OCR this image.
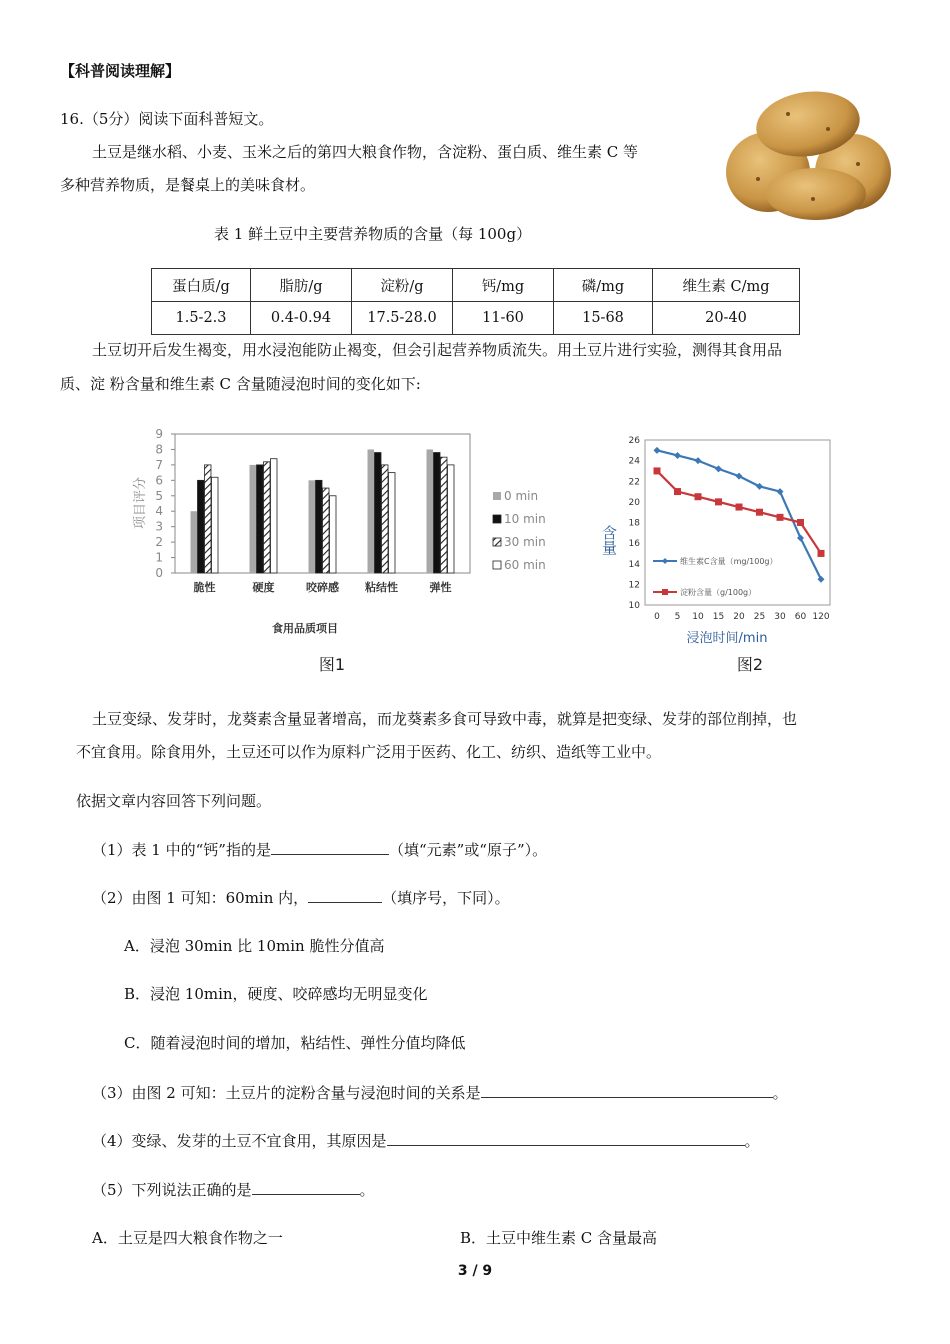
【科普阅读理解】
16.（5分）阅读下面科普短文。
土豆是继水稻、小麦、玉米之后的第四大粮食作物，含淀粉、蛋白质、维生素 C 等
多种营养物质，是餐桌上的美味食材。
表 1 鲜土豆中主要营养物质的含量（每 100g）
蛋白质/g	脂肪/g	淀粉/g	钙/mg	磷/mg	维生素 C/mg
1.5-2.3	0.4-0.94	17.5-28.0	11-60	15-68	20-40
土豆切开后发生褐变，用水浸泡能防止褐变，但会引起营养物质流失。用土豆片进行实验，测得其食用品
质、淀 粉含量和维生素 C 含量随浸泡时间的变化如下:
0
1
2
3
4
5
6
7
8
9
脆性	硬度	咬碎感 粘结性	弹性
0 min
10 min
30 min
60 min
食用品质项目
项目评分
图1
10
12
14
16
18
20
22
24
26
0 5 10 15 20 25 30 60 120
维生素C含量（mg/100g）
淀粉含量（g/100g）
浸泡时间/min
含量
图2
土豆变绿、发芽时，龙葵素含量显著增高，而龙葵素多食可导致中毒，就算是把变绿、发芽的部位削掉，也
不宜食用。除食用外，土豆还可以作为原料广泛用于医药、化工、纺织、造纸等工业中。
依据文章内容回答下列问题。
（1）表 1 中的“钙”指的是	（填“元素”或“原子”）。
（2）由图 1 可知：60min 内，	（填序号，下同）。
A．浸泡 30min 比 10min 脆性分值高
B．浸泡 10min，硬度、咬碎感均无明显变化
C．随着浸泡时间的增加，粘结性、弹性分值均降低
（3）由图 2 可知：土豆片的淀粉含量与浸泡时间的关系是	。
（4）变绿、发芽的土豆不宜食用，其原因是	。
（5）下列说法正确的是	。
A．土豆是四大粮食作物之一	B．土豆中维生素 C 含量最高
3 / 9
